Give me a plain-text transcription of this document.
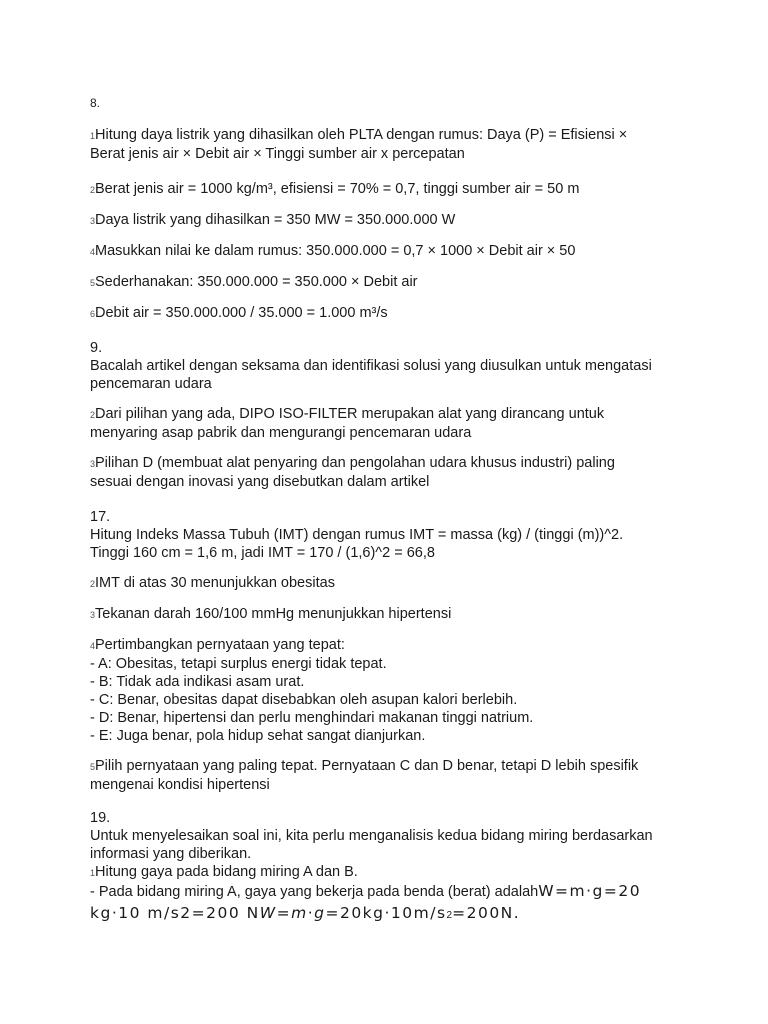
8.
1Hitung daya listrik yang dihasilkan oleh PLTA dengan rumus: Daya (P) = Efisiensi ×
Berat jenis air × Debit air × Tinggi sumber air x percepatan
2Berat jenis air = 1000 kg/m³, efisiensi = 70% = 0,7, tinggi sumber air = 50 m
3Daya listrik yang dihasilkan = 350 MW = 350.000.000 W
4Masukkan nilai ke dalam rumus: 350.000.000 = 0,7 × 1000 × Debit air × 50
5Sederhanakan: 350.000.000 = 350.000 × Debit air
6Debit air = 350.000.000 / 35.000 = 1.000 m³/s
9.
Bacalah artikel dengan seksama dan identifikasi solusi yang diusulkan untuk mengatasi
pencemaran udara
2Dari pilihan yang ada, DIPO ISO-FILTER merupakan alat yang dirancang untuk
menyaring asap pabrik dan mengurangi pencemaran udara
3Pilihan D (membuat alat penyaring dan pengolahan udara khusus industri) paling
sesuai dengan inovasi yang disebutkan dalam artikel
17.
Hitung Indeks Massa Tubuh (IMT) dengan rumus IMT = massa (kg) / (tinggi (m))^2.
Tinggi 160 cm = 1,6 m, jadi IMT = 170 / (1,6)^2 = 66,8
2IMT di atas 30 menunjukkan obesitas
3Tekanan darah 160/100 mmHg menunjukkan hipertensi
4Pertimbangkan pernyataan yang tepat:
- A: Obesitas, tetapi surplus energi tidak tepat.
- B: Tidak ada indikasi asam urat.
- C: Benar, obesitas dapat disebabkan oleh asupan kalori berlebih.
- D: Benar, hipertensi dan perlu menghindari makanan tinggi natrium.
- E: Juga benar, pola hidup sehat sangat dianjurkan.
5Pilih pernyataan yang paling tepat. Pernyataan C dan D benar, tetapi D lebih spesifik
mengenai kondisi hipertensi
19.
Untuk menyelesaikan soal ini, kita perlu menganalisis kedua bidang miring berdasarkan
informasi yang diberikan.
1Hitung gaya pada bidang miring A dan B.
- Pada bidang miring A, gaya yang bekerja pada benda (berat) adalahW=m·g=20
kg·10 m/s2=200 NW=m·g=20kg·10m/s2=200N.
